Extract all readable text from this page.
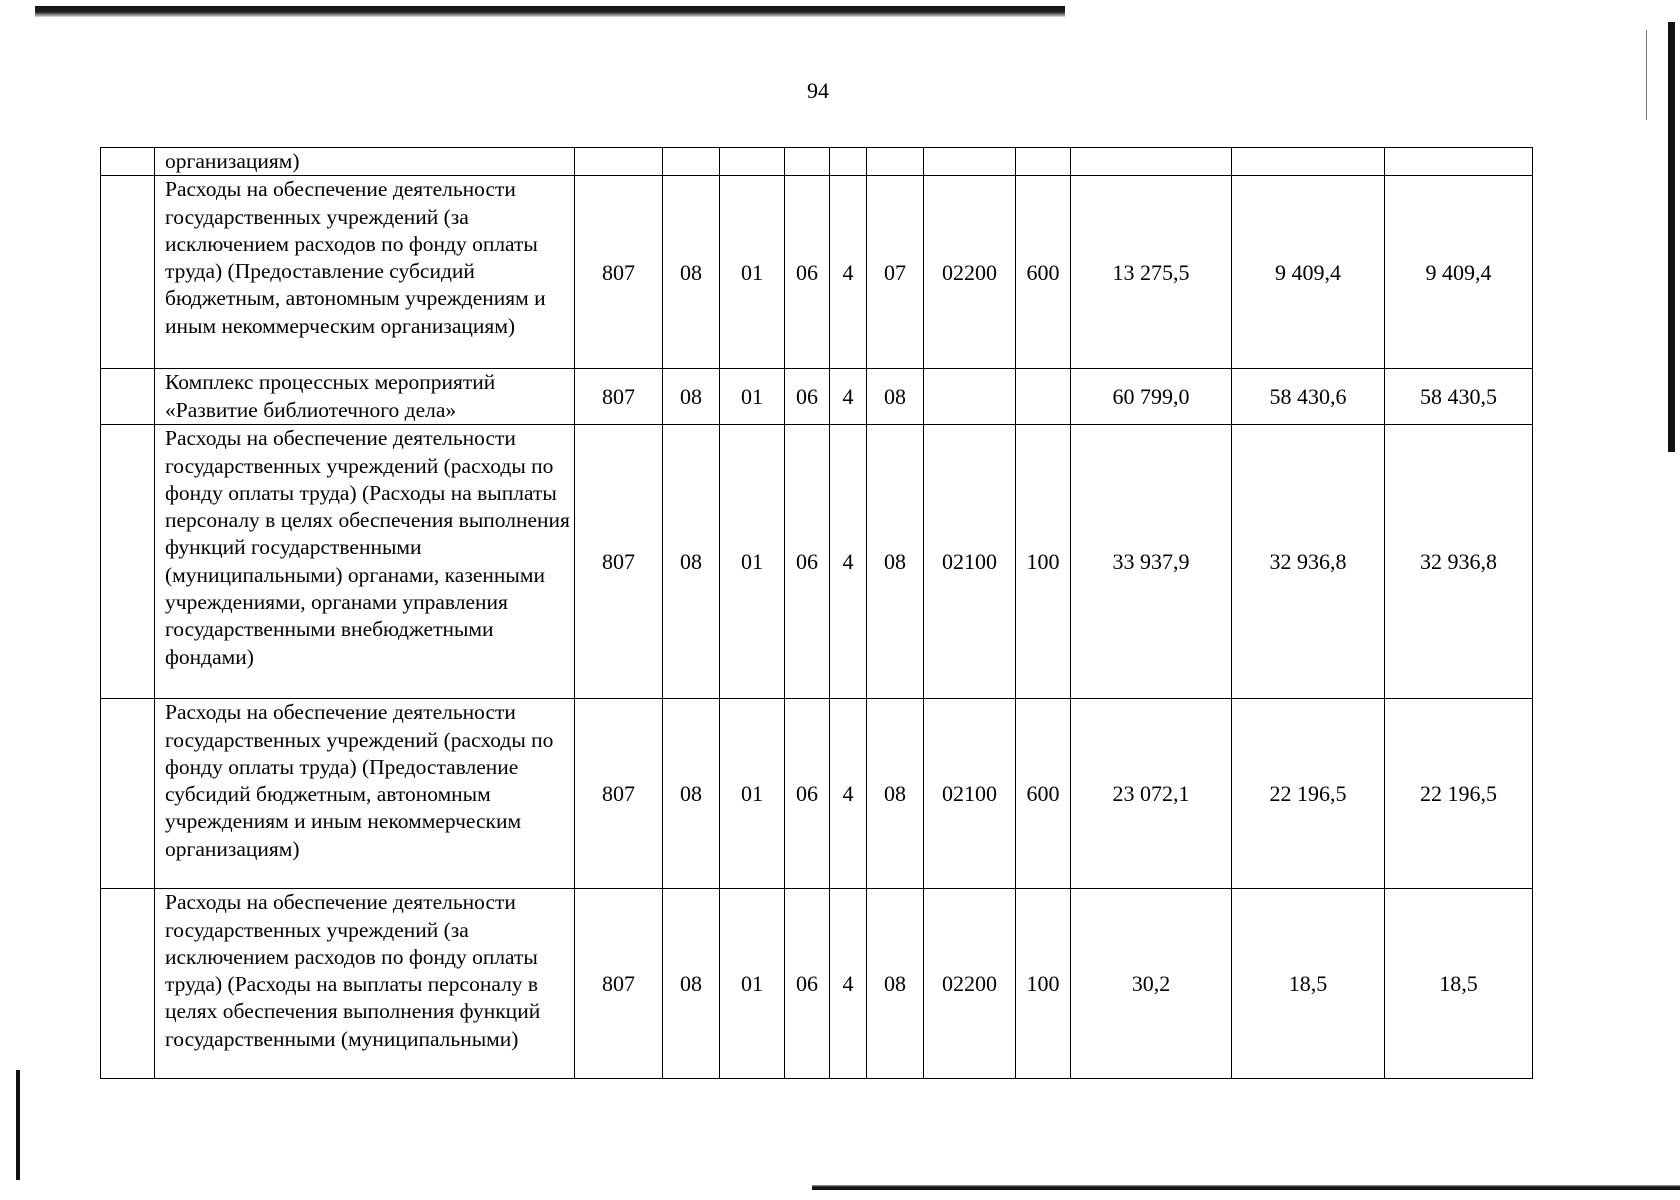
94
	организациям)											
	Расходы на обеспечение деятельности государственных учреждений (за исключением расходов по фонду оплаты труда) (Предоставление субсидий бюджетным, автономным учреждениям и иным некоммерческим организациям)	807	08	01	06	4	07	02200	600	13 275,5	9 409,4	9 409,4
	Комплекс процессных мероприятий «Развитие библиотечного дела»	807	08	01	06	4	08			60 799,0	58 430,6	58 430,5
	Расходы на обеспечение деятельности государственных учреждений (расходы по фонду оплаты труда) (Расходы на выплаты персоналу в целях обеспечения выполнения функций государственными (муниципальными) органами, казенными учреждениями, органами управления государственными внебюджетными фондами)	807	08	01	06	4	08	02100	100	33 937,9	32 936,8	32 936,8
	Расходы на обеспечение деятельности государственных учреждений (расходы по фонду оплаты труда) (Предоставление субсидий бюджетным, автономным учреждениям и иным некоммерческим организациям)	807	08	01	06	4	08	02100	600	23 072,1	22 196,5	22 196,5
	Расходы на обеспечение деятельности государственных учреждений (за исключением расходов по фонду оплаты труда) (Расходы на выплаты персоналу в целях обеспечения выполнения функций государственными (муниципальными)	807	08	01	06	4	08	02200	100	30,2	18,5	18,5
